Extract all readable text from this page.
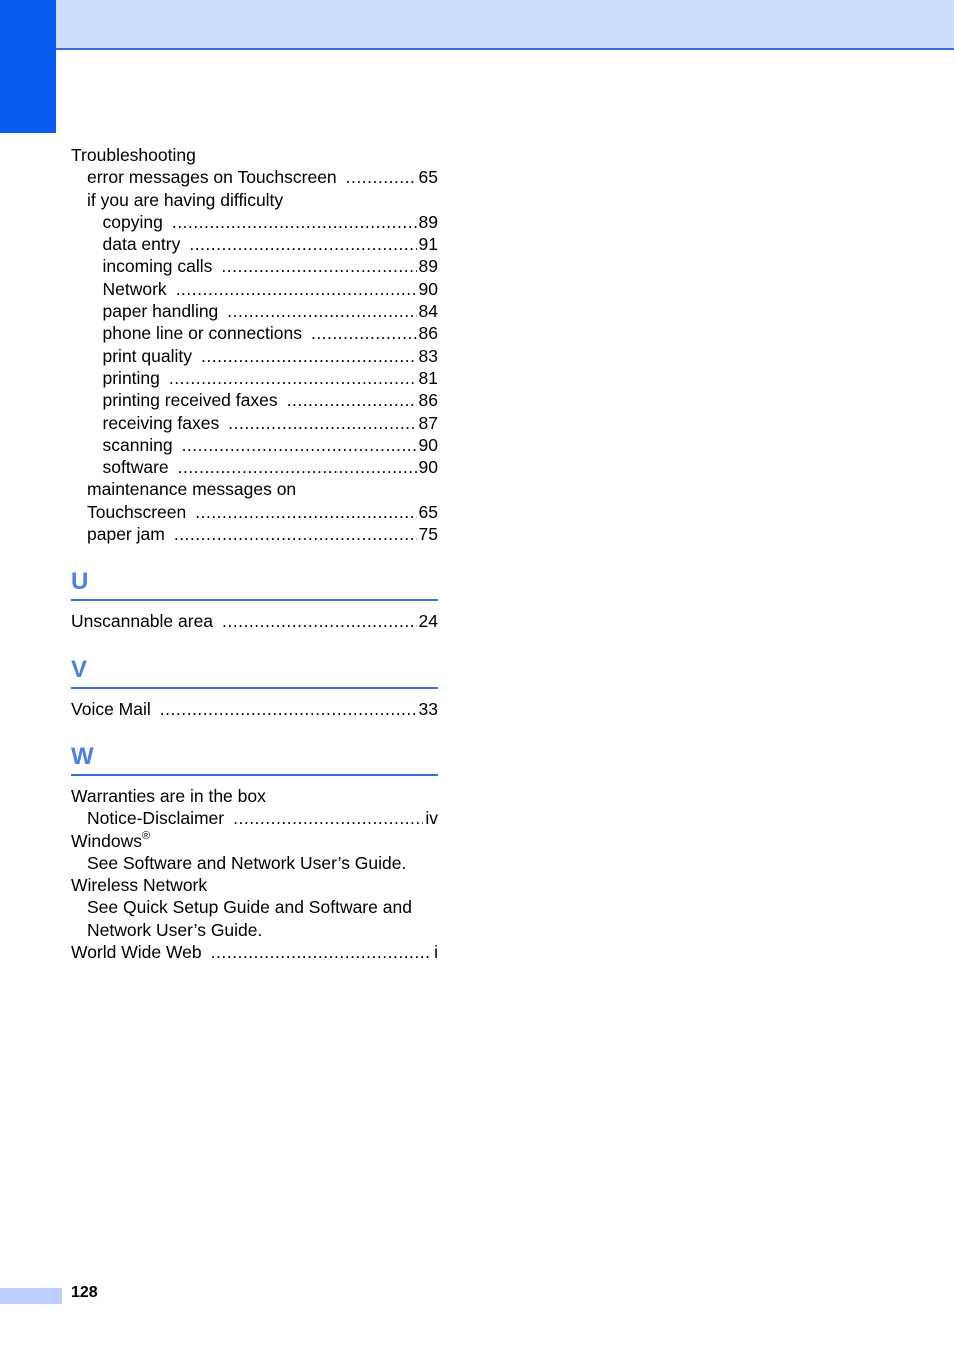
Troubleshooting
error messages on Touchscreen .....	65
if you are having difficulty
copying .....	89
data entry .....	91
incoming calls .....	89
Network .....	90
paper handling .....	84
phone line or connections .....	86
print quality .....	83
printing .....	81
printing received faxes .....	86
receiving faxes .....	87
scanning .....	90
software .....	90
maintenance messages on
Touchscreen .....	65
paper jam .....	75
U
Unscannable area .....	24
V
Voice Mail .....	33
W
Warranties are in the box
Notice-Disclaimer .....	iv
Windows®
See Software and Network User’s Guide.
Wireless Network
See Quick Setup Guide and Software and
Network User’s Guide.
World Wide Web .....	i
128
